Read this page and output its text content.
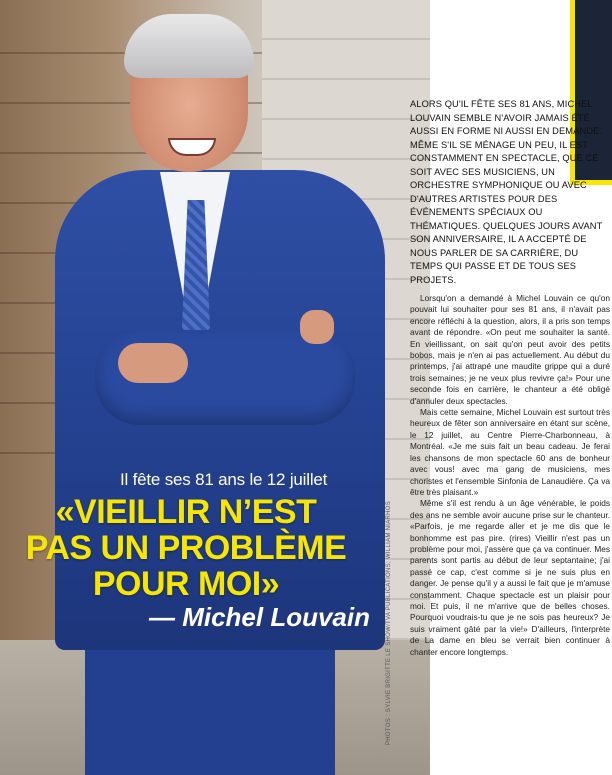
Il fête ses 81 ans le 12 juillet
«VIEILLIR N’EST
PAS UN PROBLÈME
POUR MOI»
— Michel Louvain	PHOTOS : SYLVIE BRIGITTE LE SHOW/TVA PUBLICATIONS; WILLIAM NIARHOS

ALORS QU'IL FÊTE SES 81 ANS, MICHEL LOUVAIN SEMBLE N'AVOIR JAMAIS ÉTÉ AUSSI EN FORME NI AUSSI EN DEMANDE. MÊME S'IL SE MÉNAGE UN PEU, IL EST CONSTAMMENT EN SPECTACLE, QUE CE SOIT AVEC SES MUSICIENS, UN ORCHESTRE SYMPHONIQUE OU AVEC D'AUTRES ARTISTES POUR DES ÉVÉNEMENTS SPÉCIAUX OU THÉMATIQUES. QUELQUES JOURS AVANT SON ANNIVERSAIRE, IL A ACCEPTÉ DE NOUS PARLER DE SA CARRIÈRE, DU TEMPS QUI PASSE ET DE TOUS SES PROJETS.

Lorsqu'on a demandé à Michel Louvain ce qu'on pouvait lui souhaiter pour ses 81 ans, il n'avait pas encore réfléchi à la question, alors, il a pris son temps avant de répondre. «On peut me souhaiter la santé. En vieillissant, on sait qu'on peut avoir des petits bobos, mais je n'en ai pas actuellement. Au début du printemps, j'ai attrapé une maudite grippe qui a duré trois semaines; je ne veux plus revivre ça!» Pour une seconde fois en carrière, le chanteur a été obligé d'annuler deux spectacles.

Mais cette semaine, Michel Louvain est surtout très heureux de fêter son anniversaire en étant sur scène, le 12 juillet, au Centre Pierre-Charbonneau, à Montréal. «Je me suis fait un beau cadeau. Je ferai les chansons de mon spectacle 60 ans de bonheur avec vous! avec ma gang de musiciens, mes choristes et l'ensemble Sinfonia de Lanaudière. Ça va être très plaisant.»

Même s'il est rendu à un âge vénérable, le poids des ans ne semble avoir aucune prise sur le chanteur. «Parfois, je me regarde aller et je me dis que le bonhomme est pas pire. (rires) Vieillir n'est pas un problème pour moi, j'assère que ça va continuer. Mes parents sont partis au début de leur septantaine; j'ai passé ce cap, c'est comme si je ne suis plus en danger. Je pense qu'il y a aussi le fait que je m'amuse constamment. Chaque spectacle est un plaisir pour moi. Et puis, il ne m'arrive que de belles choses. Pourquoi voudrais-tu que je ne sois pas heureux? Je suis vraiment gâté par la vie!» D'ailleurs, l'interprète de La dame en bleu se verrait bien continuer à chanter encore longtemps.
